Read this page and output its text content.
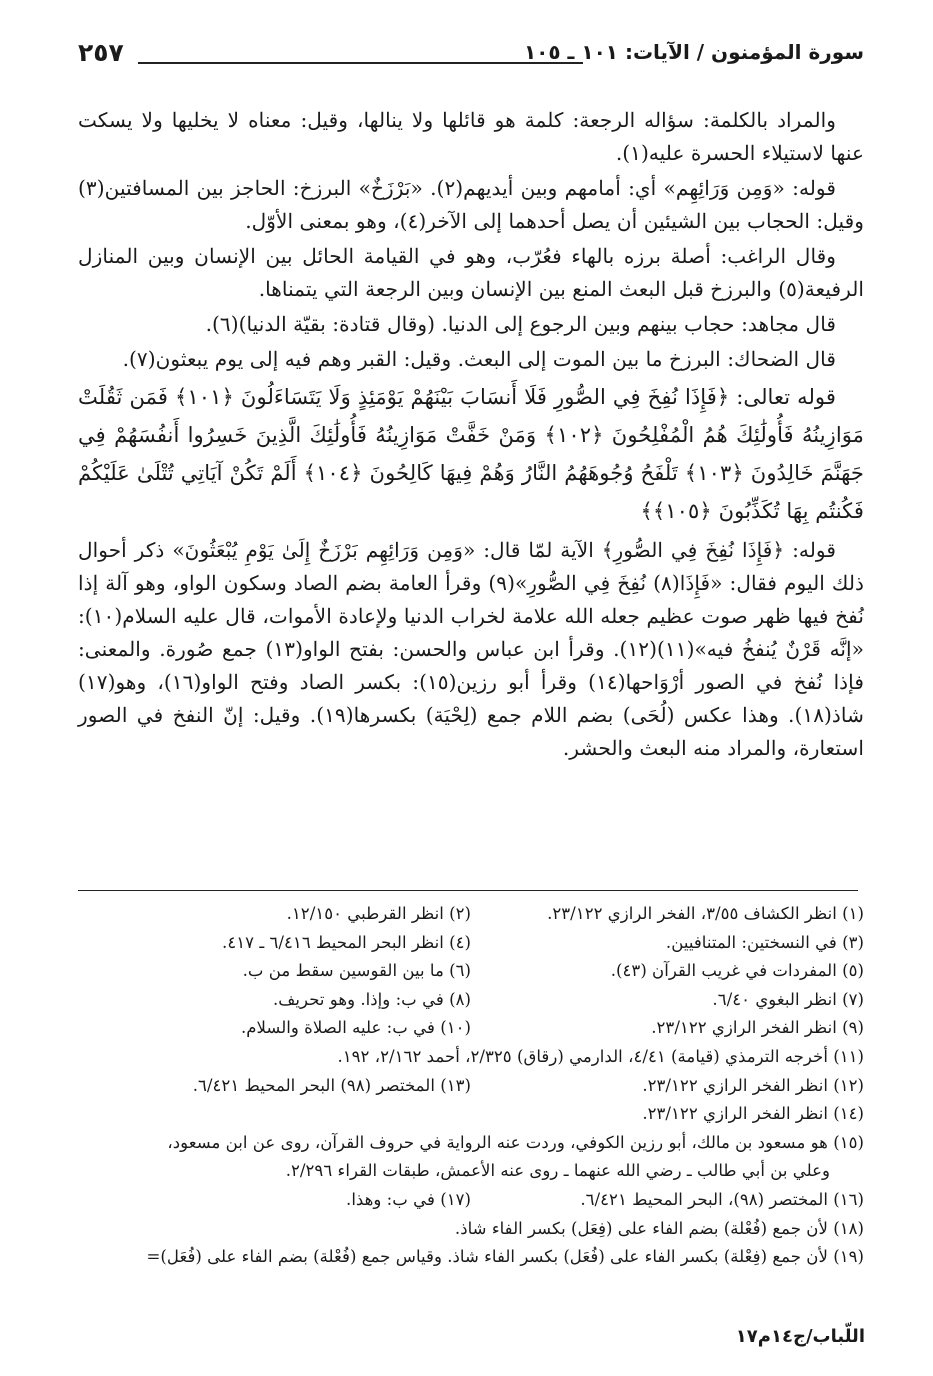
٢٥٧	سورة المؤمنون / الآيات: ١٠١ ـ ١٠٥

والمراد بالكلمة: سؤاله الرجعة: كلمة هو قائلها ولا ينالها، وقيل: معناه لا يخليها ولا يسكت عنها لاستيلاء الحسرة عليه(١).

قوله: «وَمِن وَرَائِهِم» أي: أمامهم وبين أيديهم(٢). «بَرْزَخٌ» البرزخ: الحاجز بين المسافتين(٣) وقيل: الحجاب بين الشيئين أن يصل أحدهما إلى الآخر(٤)، وهو بمعنى الأوّل.

وقال الراغب: أصلة برزه بالهاء فعُرّب، وهو في القيامة الحائل بين الإنسان وبين المنازل الرفيعة(٥) والبرزخ قبل البعث المنع بين الإنسان وبين الرجعة التي يتمناها.

قال مجاهد: حجاب بينهم وبين الرجوع إلى الدنيا. (وقال قتادة: بقيّة الدنيا)(٦).

قال الضحاك: البرزخ ما بين الموت إلى البعث. وقيل: القبر وهم فيه إلى يوم يبعثون(٧).

قوله تعالى: ﴿فَإِذَا نُفِخَ فِي الصُّورِ فَلَا أَنسَابَ بَيْنَهُمْ يَوْمَئِذٍ وَلَا يَتَسَاءَلُونَ ﴿١٠١﴾ فَمَن ثَقُلَتْ مَوَازِينُهُ فَأُولَٰئِكَ هُمُ الْمُفْلِحُونَ ﴿١٠٢﴾ وَمَنْ خَفَّتْ مَوَازِينُهُ فَأُولَٰئِكَ الَّذِينَ خَسِرُوا أَنفُسَهُمْ فِي جَهَنَّمَ خَالِدُونَ ﴿١٠٣﴾ تَلْفَحُ وُجُوهَهُمُ النَّارُ وَهُمْ فِيهَا كَالِحُونَ ﴿١٠٤﴾ أَلَمْ تَكُنْ آيَاتِي تُتْلَىٰ عَلَيْكُمْ فَكُنتُم بِهَا تُكَذِّبُونَ ﴿١٠٥﴾﴾

قوله: ﴿فَإِذَا نُفِخَ فِي الصُّورِ﴾ الآية لمّا قال: «وَمِن وَرَائِهِم بَرْزَخٌ إِلَىٰ يَوْمِ يُبْعَثُونَ» ذكر أحوال ذلك اليوم فقال: «فَإِذَا(٨) نُفِخَ فِي الصُّورِ»(٩) وقرأ العامة بضم الصاد وسكون الواو، وهو آلة إذا نُفخ فيها ظهر صوت عظيم جعله الله علامة لخراب الدنيا ولإعادة الأموات، قال عليه السلام(١٠): «إنَّه قَرْنٌ يُنفخُ فيه»(١١)(١٢). وقرأ ابن عباس والحسن: بفتح الواو(١٣) جمع صُورة. والمعنى: فإذا نُفخ في الصور أرْوَاحها(١٤) وقرأ أبو رزين(١٥): بكسر الصاد وفتح الواو(١٦)، وهو(١٧) شاذ(١٨). وهذا عكس (لُحَى) بضم اللام جمع (لِحْيَة) بكسرها(١٩). وقيل: إنّ النفخ في الصور استعارة، والمراد منه البعث والحشر.

(١) انظر الكشاف ٣/٥٥، الفخر الرازي ٢٣/١٢٢.
(٢) انظر القرطبي ١٢/١٥٠.
(٣) في النسختين: المتنافيين.
(٤) انظر البحر المحيط ٦/٤١٦ ـ ٤١٧.
(٥) المفردات في غريب القرآن (٤٣).
(٦) ما بين القوسين سقط من ب.
(٧) انظر البغوي ٦/٤٠.
(٨) في ب: وإذا. وهو تحريف.
(٩) انظر الفخر الرازي ٢٣/١٢٢.
(١٠) في ب: عليه الصلاة والسلام.
(١١) أخرجه الترمذي (قيامة) ٤/٤١، الدارمي (رقاق) ٢/٣٢٥، أحمد ٢/١٦٢، ١٩٢.
(١٢) انظر الفخر الرازي ٢٣/١٢٢.
(١٣) المختصر (٩٨) البحر المحيط ٦/٤٢١.
(١٤) انظر الفخر الرازي ٢٣/١٢٢.
(١٥) هو مسعود بن مالك، أبو رزين الكوفي، وردت عنه الرواية في حروف القرآن، روى عن ابن مسعود،
وعلي بن أبي طالب ـ رضي الله عنهما ـ روى عنه الأعمش، طبقات القراء ٢/٢٩٦.
(١٦) المختصر (٩٨)، البحر المحيط ٦/٤٢١.
(١٧) في ب: وهذا.
(١٨) لأن جمع (فُعْلة) بضم الفاء على (فِعَل) بكسر الفاء شاذ.
(١٩) لأن جمع (فِعْلة) بكسر الفاء على (فُعَل) بكسر الفاء شاذ. وقياس جمع (فُعْلة) بضم الفاء على (فُعَل)=
اللّباب/ج١٤م١٧
